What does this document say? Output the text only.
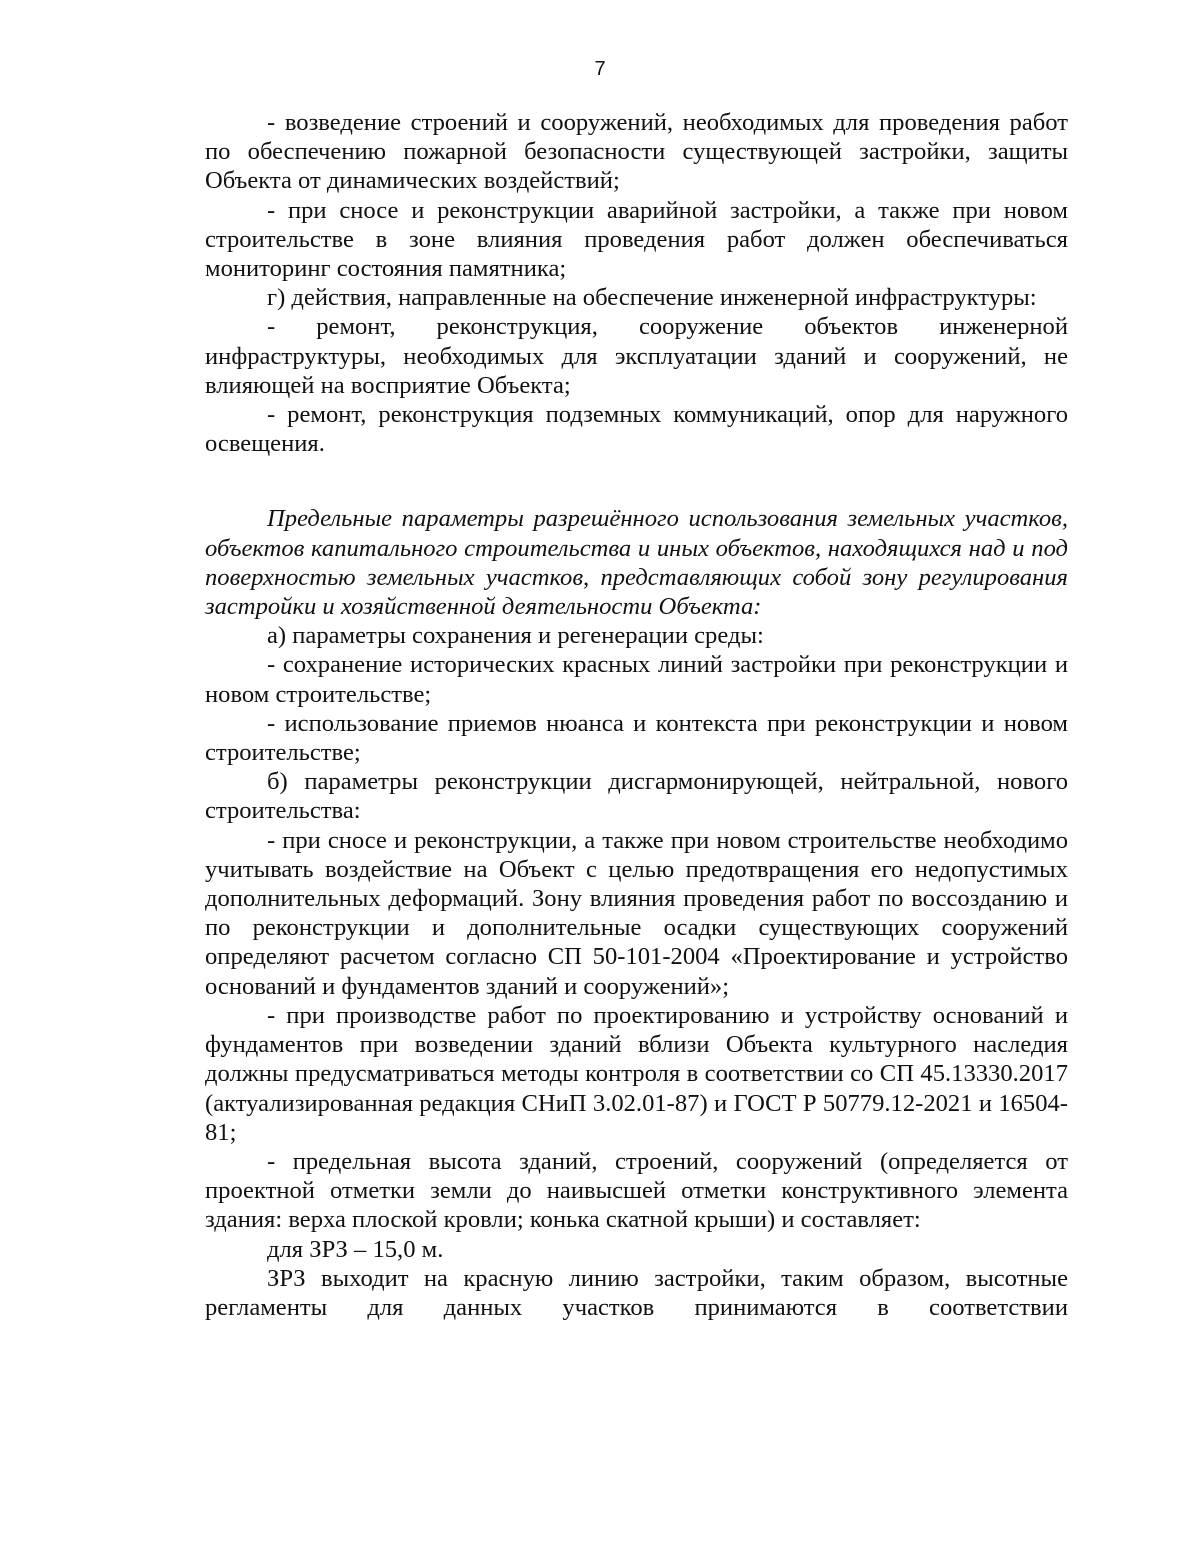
7

- возведение строений и сооружений, необходимых для проведения работ по обеспечению пожарной безопасности существующей застройки, защиты Объекта от динамических воздействий;

- при сносе и реконструкции аварийной застройки, а также при новом строительстве в зоне влияния проведения работ должен обеспечиваться мониторинг состояния памятника;

г) действия, направленные на обеспечение инженерной инфраструктуры:

- ремонт, реконструкция, сооружение объектов инженерной инфраструктуры, необходимых для эксплуатации зданий и сооружений, не влияющей на восприятие Объекта;

- ремонт, реконструкция подземных коммуникаций, опор для наружного освещения.

Предельные параметры разрешённого использования земельных участков, объектов капитального строительства и иных объектов, находящихся над и под поверхностью земельных участков, представляющих собой зону регулирования застройки и хозяйственной деятельности Объекта:

а) параметры сохранения и регенерации среды:

- сохранение исторических красных линий застройки при реконструкции и новом строительстве;

- использование приемов нюанса и контекста при реконструкции и новом строительстве;

б) параметры реконструкции дисгармонирующей, нейтральной, нового строительства:

- при сносе и реконструкции, а также при новом строительстве необходимо учитывать воздействие на Объект с целью предотвращения его недопустимых дополнительных деформаций. Зону влияния проведения работ по воссозданию и по реконструкции и дополнительные осадки существующих сооружений определяют расчетом согласно СП 50-101-2004 «Проектирование и устройство оснований и фундаментов зданий и сооружений»;

- при производстве работ по проектированию и устройству оснований и фундаментов при возведении зданий вблизи Объекта культурного наследия должны предусматриваться методы контроля в соответствии со СП 45.13330.2017 (актуализированная редакция СНиП 3.02.01-87) и ГОСТ Р 50779.12-2021 и 16504-81;

- предельная высота зданий, строений, сооружений (определяется от проектной отметки земли до наивысшей отметки конструктивного элемента здания: верха плоской кровли; конька скатной крыши) и составляет:

для ЗРЗ – 15,0 м.

ЗРЗ выходит на красную линию застройки, таким образом, высотные регламенты для данных участков принимаются в соответствии
